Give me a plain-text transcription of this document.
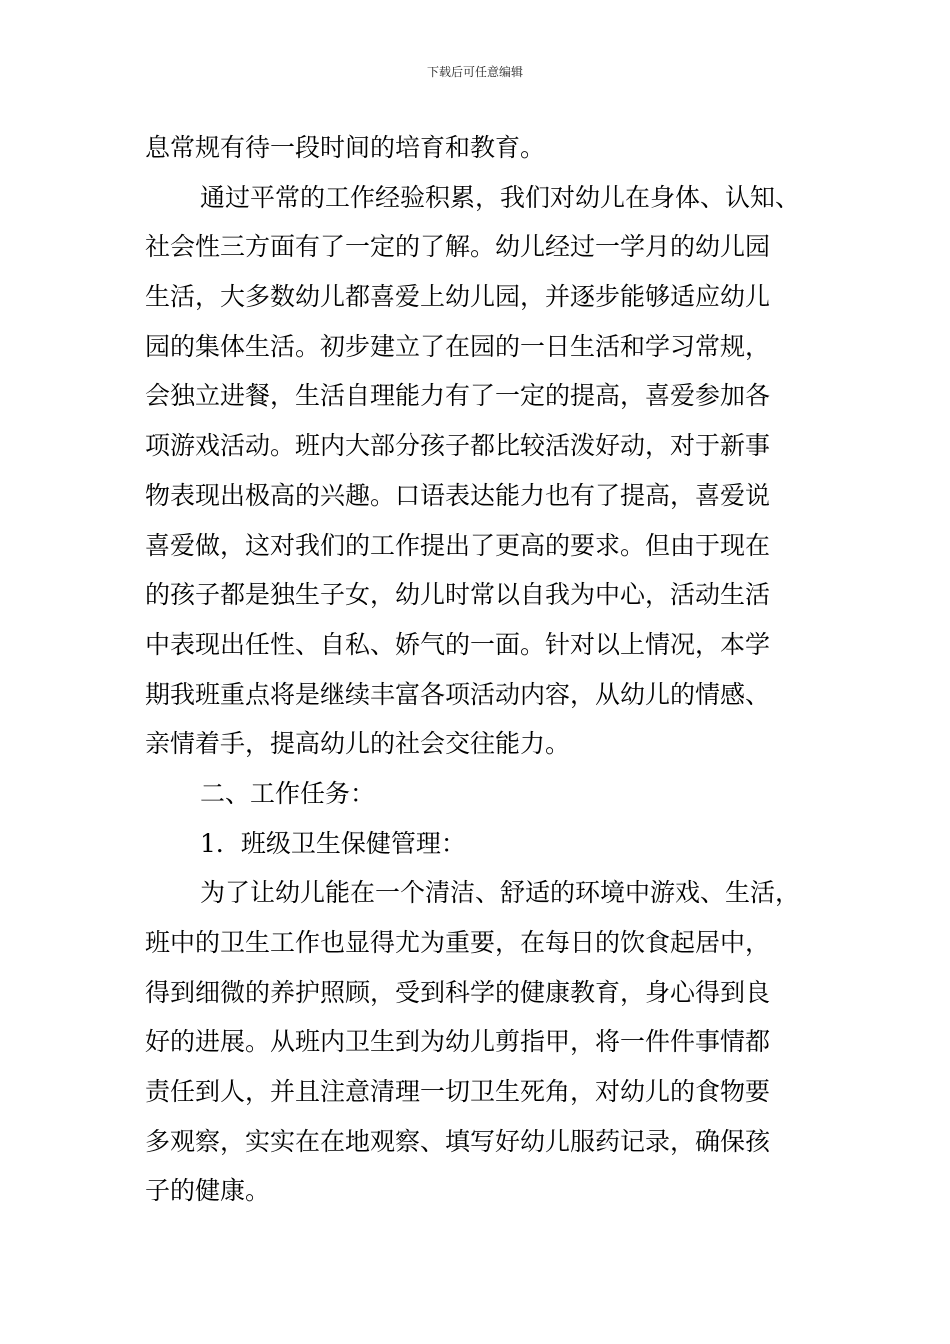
下载后可任意编辑
息常规有待一段时间的培育和教育。
通过平常的工作经验积累，我们对幼儿在身体、认知、
社会性三方面有了一定的了解。幼儿经过一学月的幼儿园
生活，大多数幼儿都喜爱上幼儿园，并逐步能够适应幼儿
园的集体生活。初步建立了在园的一日生活和学习常规，
会独立进餐，生活自理能力有了一定的提高，喜爱参加各
项游戏活动。班内大部分孩子都比较活泼好动，对于新事
物表现出极高的兴趣。口语表达能力也有了提高，喜爱说
喜爱做，这对我们的工作提出了更高的要求。但由于现在
的孩子都是独生子女，幼儿时常以自我为中心，活动生活
中表现出任性、自私、娇气的一面。针对以上情况，本学
期我班重点将是继续丰富各项活动内容，从幼儿的情感、
亲情着手，提高幼儿的社会交往能力。
二、工作任务：
1．班级卫生保健管理：
为了让幼儿能在一个清洁、舒适的环境中游戏、生活，
班中的卫生工作也显得尤为重要，在每日的饮食起居中，
得到细微的养护照顾，受到科学的健康教育，身心得到良
好的进展。从班内卫生到为幼儿剪指甲，将一件件事情都
责任到人，并且注意清理一切卫生死角，对幼儿的食物要
多观察，实实在在地观察、填写好幼儿服药记录，确保孩
子的健康。
